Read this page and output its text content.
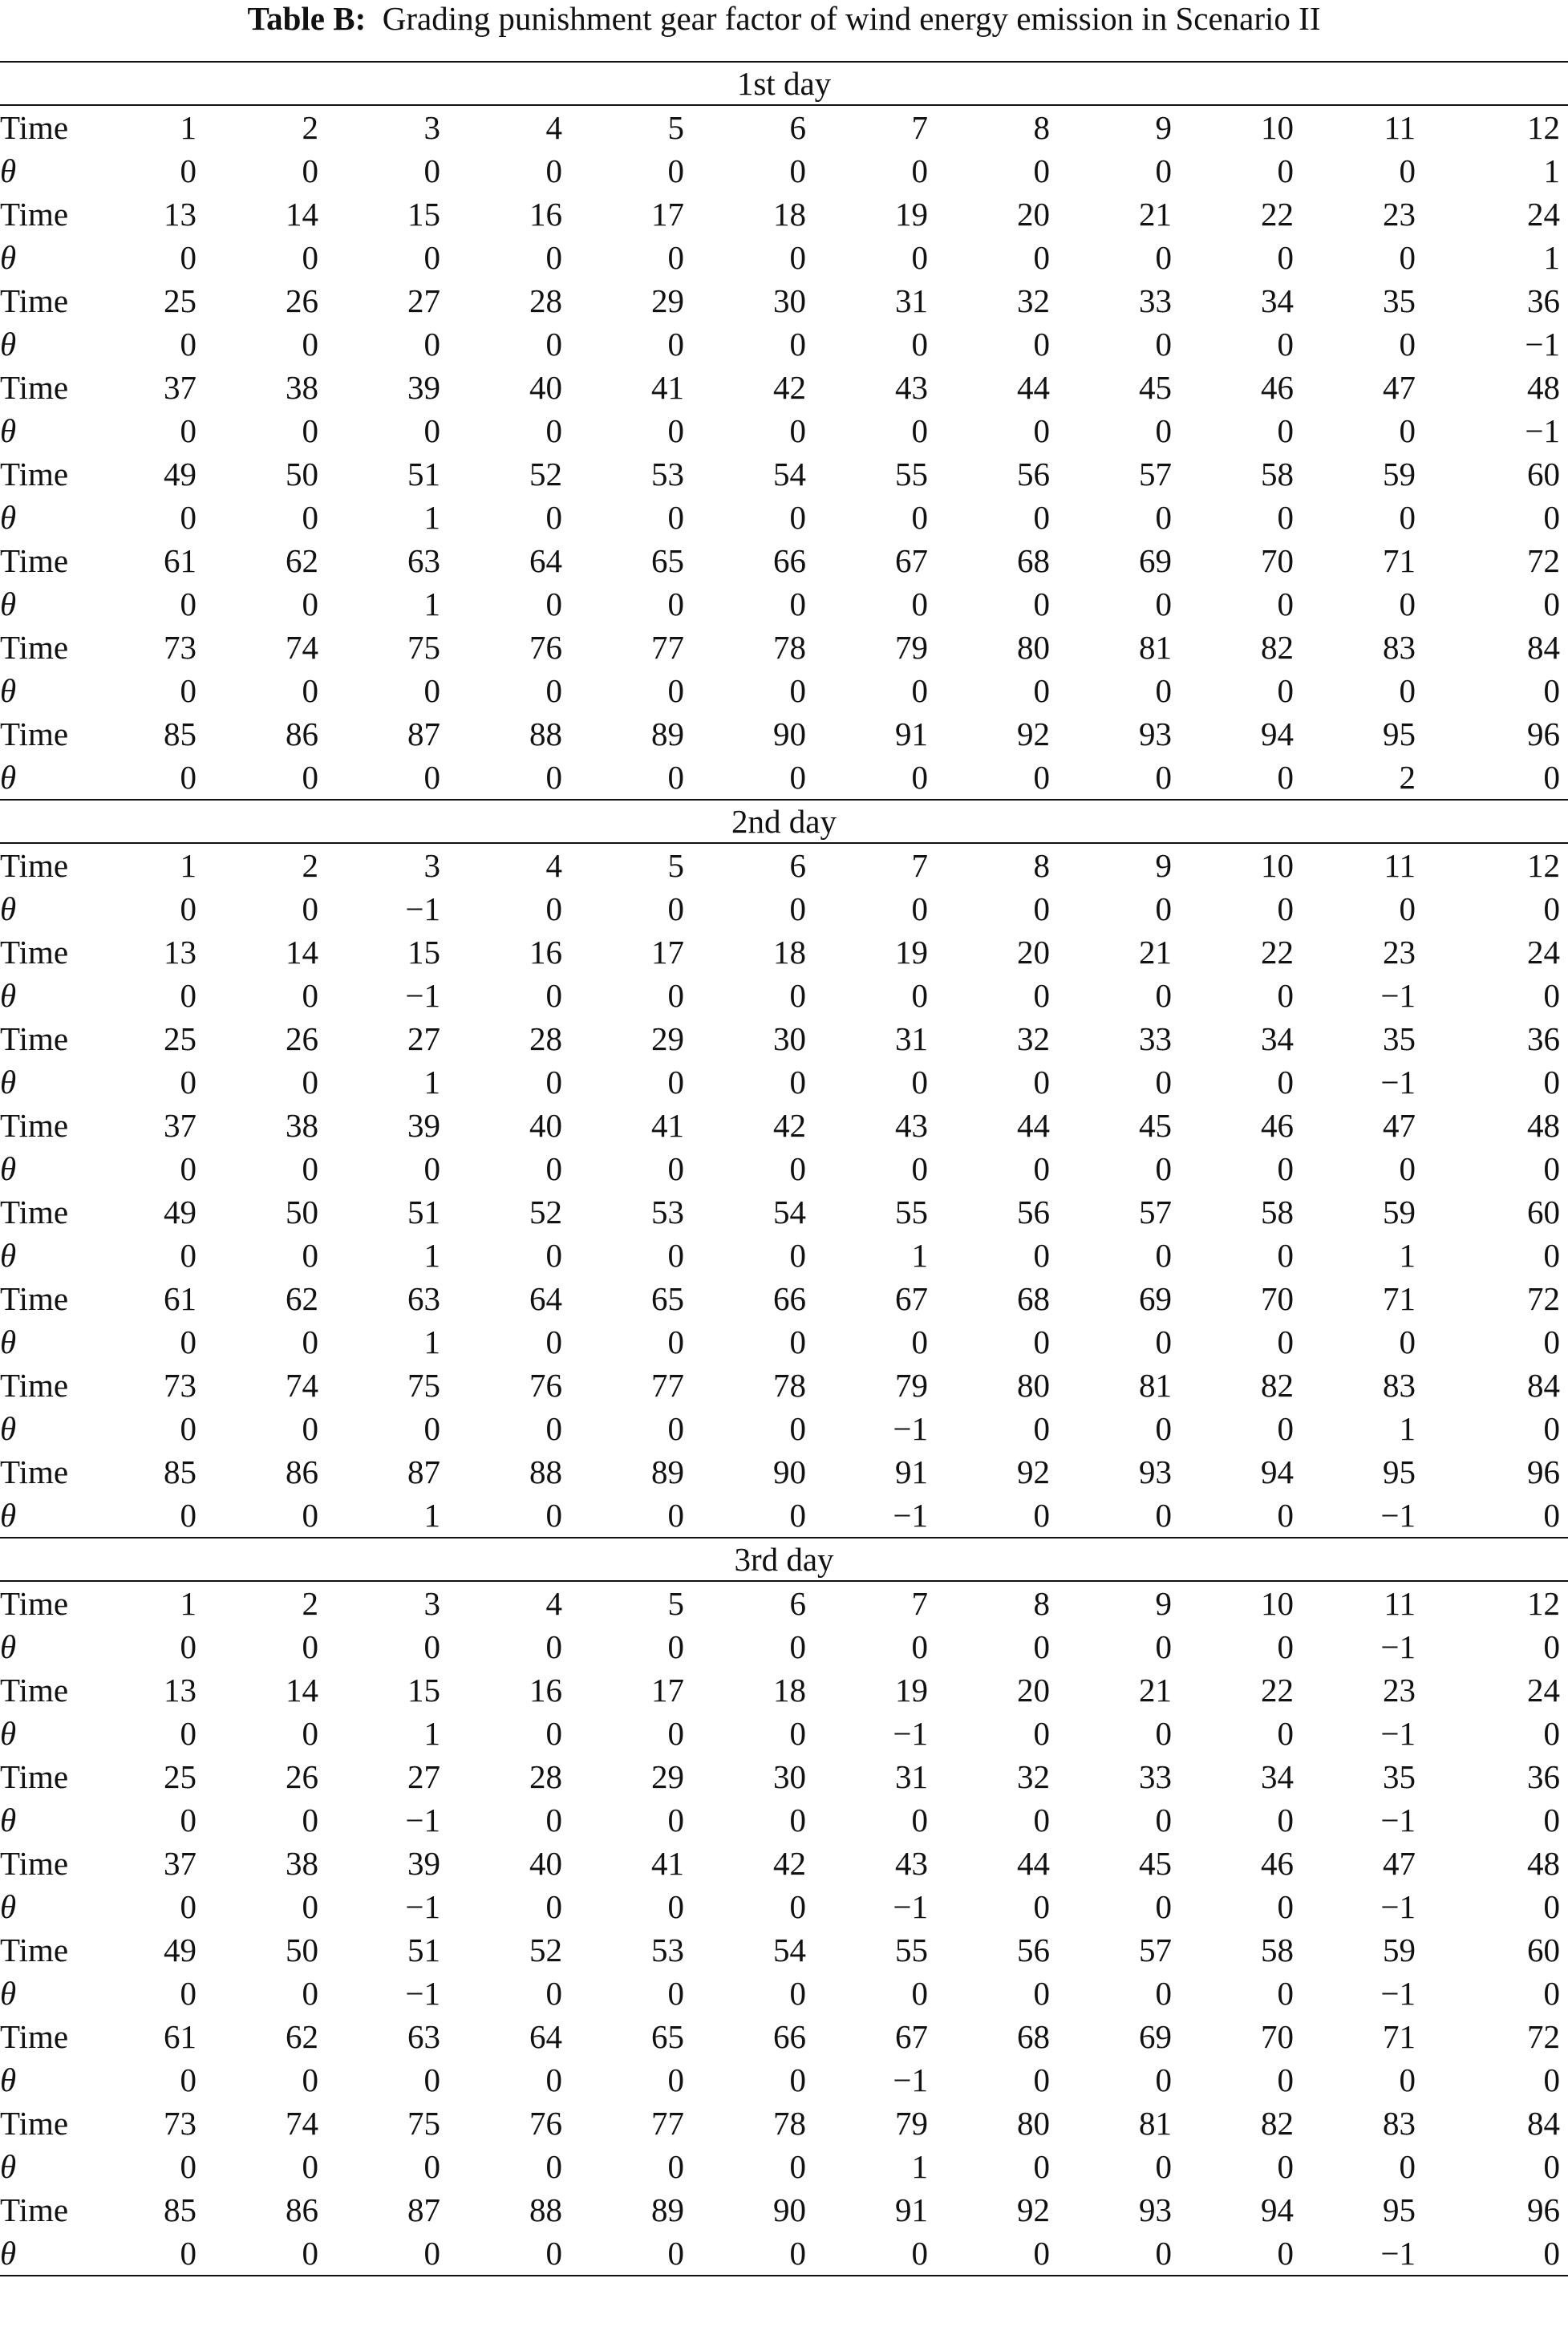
Table B: Grading punishment gear factor of wind energy emission in Scenario II
1st day
Time	1	2	3	4	5	6	7	8	9	10	11	12
θ	0	0	0	0	0	0	0	0	0	0	0	1
Time	13	14	15	16	17	18	19	20	21	22	23	24
θ	0	0	0	0	0	0	0	0	0	0	0	1
Time	25	26	27	28	29	30	31	32	33	34	35	36
θ	0	0	0	0	0	0	0	0	0	0	0	−1
Time	37	38	39	40	41	42	43	44	45	46	47	48
θ	0	0	0	0	0	0	0	0	0	0	0	−1
Time	49	50	51	52	53	54	55	56	57	58	59	60
θ	0	0	1	0	0	0	0	0	0	0	0	0
Time	61	62	63	64	65	66	67	68	69	70	71	72
θ	0	0	1	0	0	0	0	0	0	0	0	0
Time	73	74	75	76	77	78	79	80	81	82	83	84
θ	0	0	0	0	0	0	0	0	0	0	0	0
Time	85	86	87	88	89	90	91	92	93	94	95	96
θ	0	0	0	0	0	0	0	0	0	0	2	0
2nd day
Time	1	2	3	4	5	6	7	8	9	10	11	12
θ	0	0	−1	0	0	0	0	0	0	0	0	0
Time	13	14	15	16	17	18	19	20	21	22	23	24
θ	0	0	−1	0	0	0	0	0	0	0	−1	0
Time	25	26	27	28	29	30	31	32	33	34	35	36
θ	0	0	1	0	0	0	0	0	0	0	−1	0
Time	37	38	39	40	41	42	43	44	45	46	47	48
θ	0	0	0	0	0	0	0	0	0	0	0	0
Time	49	50	51	52	53	54	55	56	57	58	59	60
θ	0	0	1	0	0	0	1	0	0	0	1	0
Time	61	62	63	64	65	66	67	68	69	70	71	72
θ	0	0	1	0	0	0	0	0	0	0	0	0
Time	73	74	75	76	77	78	79	80	81	82	83	84
θ	0	0	0	0	0	0	−1	0	0	0	1	0
Time	85	86	87	88	89	90	91	92	93	94	95	96
θ	0	0	1	0	0	0	−1	0	0	0	−1	0
3rd day
Time	1	2	3	4	5	6	7	8	9	10	11	12
θ	0	0	0	0	0	0	0	0	0	0	−1	0
Time	13	14	15	16	17	18	19	20	21	22	23	24
θ	0	0	1	0	0	0	−1	0	0	0	−1	0
Time	25	26	27	28	29	30	31	32	33	34	35	36
θ	0	0	−1	0	0	0	0	0	0	0	−1	0
Time	37	38	39	40	41	42	43	44	45	46	47	48
θ	0	0	−1	0	0	0	−1	0	0	0	−1	0
Time	49	50	51	52	53	54	55	56	57	58	59	60
θ	0	0	−1	0	0	0	0	0	0	0	−1	0
Time	61	62	63	64	65	66	67	68	69	70	71	72
θ	0	0	0	0	0	0	−1	0	0	0	0	0
Time	73	74	75	76	77	78	79	80	81	82	83	84
θ	0	0	0	0	0	0	1	0	0	0	0	0
Time	85	86	87	88	89	90	91	92	93	94	95	96
θ	0	0	0	0	0	0	0	0	0	0	−1	0
